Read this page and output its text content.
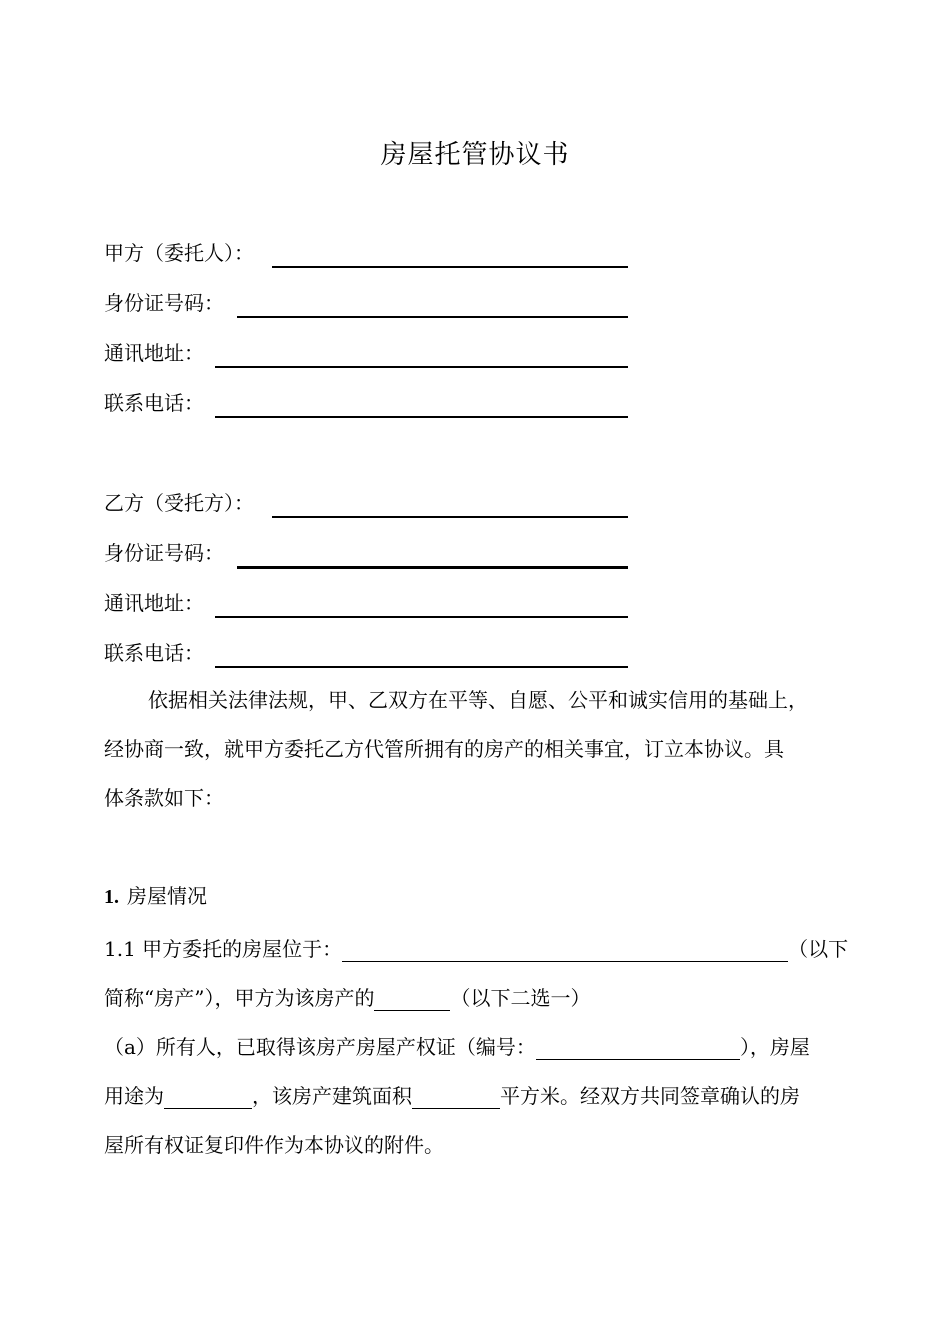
房屋托管协议书
甲方（委托人）：
身份证号码：
通讯地址：
联系电话：
乙方（受托方）：
身份证号码：
通讯地址：
联系电话：
依据相关法律法规，甲、乙双方在平等、自愿、公平和诚实信用的基础上，
经协商一致，就甲方委托乙方代管所拥有的房产的相关事宜，订立本协议。具
体条款如下：
1. 房屋情况
1.1 甲方委托的房屋位于：	（以下
简称“房产”），甲方为该房产的	（以下二选一）
（a）所有人，已取得该房产房屋产权证（编号：	），房屋
用途为	，该房产建筑面积	平方米。经双方共同签章确认的房
屋所有权证复印件作为本协议的附件。
